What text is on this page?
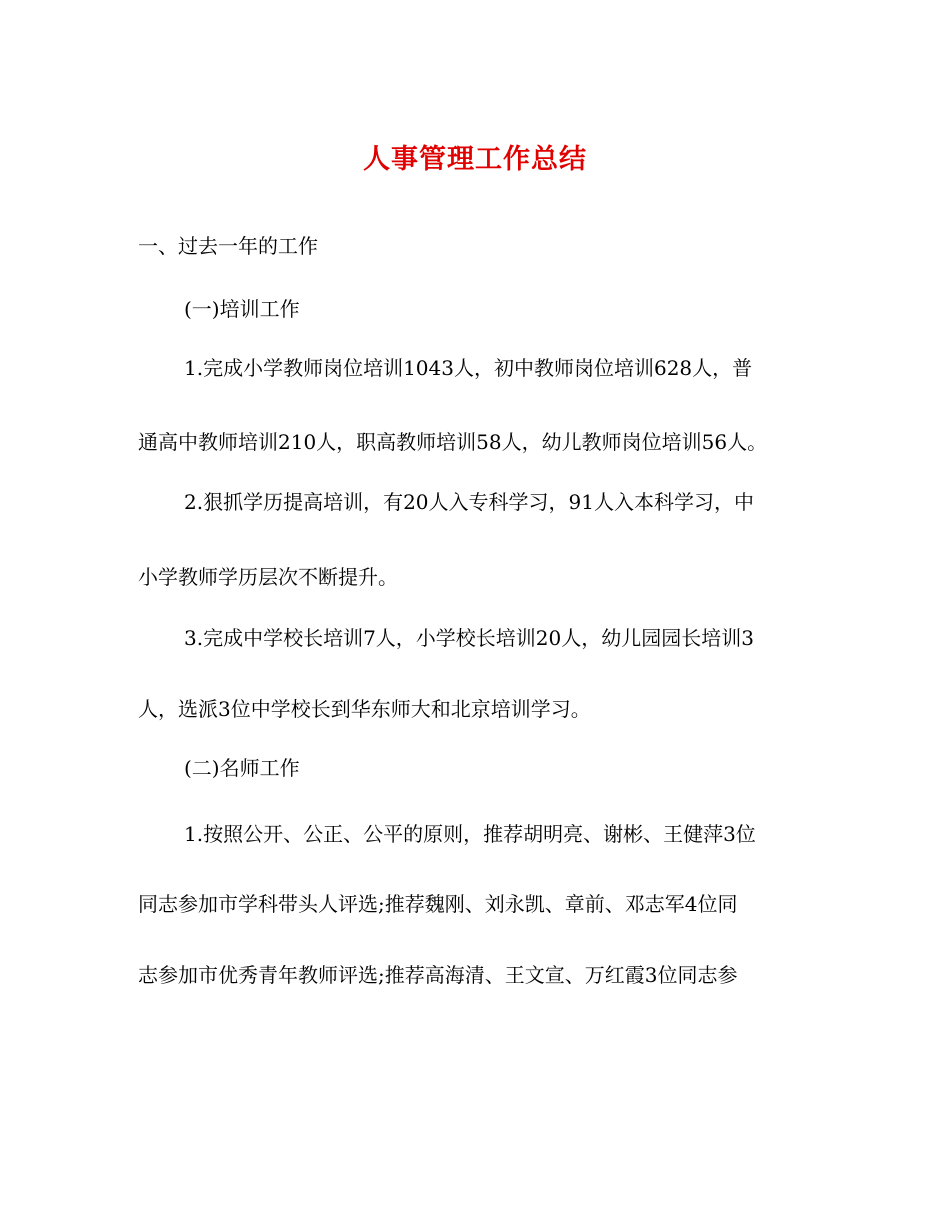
人事管理工作总结
一、过去一年的工作
(一)培训工作
1.完成小学教师岗位培训1043人，初中教师岗位培训628人，普
通高中教师培训210人，职高教师培训58人，幼儿教师岗位培训56人。
2.狠抓学历提高培训，有20人入专科学习，91人入本科学习，中
小学教师学历层次不断提升。
3.完成中学校长培训7人，小学校长培训20人，幼儿园园长培训3
人，选派3位中学校长到华东师大和北京培训学习。
(二)名师工作
1.按照公开、公正、公平的原则，推荐胡明亮、谢彬、王健萍3位
同志参加市学科带头人评选;推荐魏刚、刘永凯、章前、邓志军4位同
志参加市优秀青年教师评选;推荐高海清、王文宣、万红霞3位同志参
